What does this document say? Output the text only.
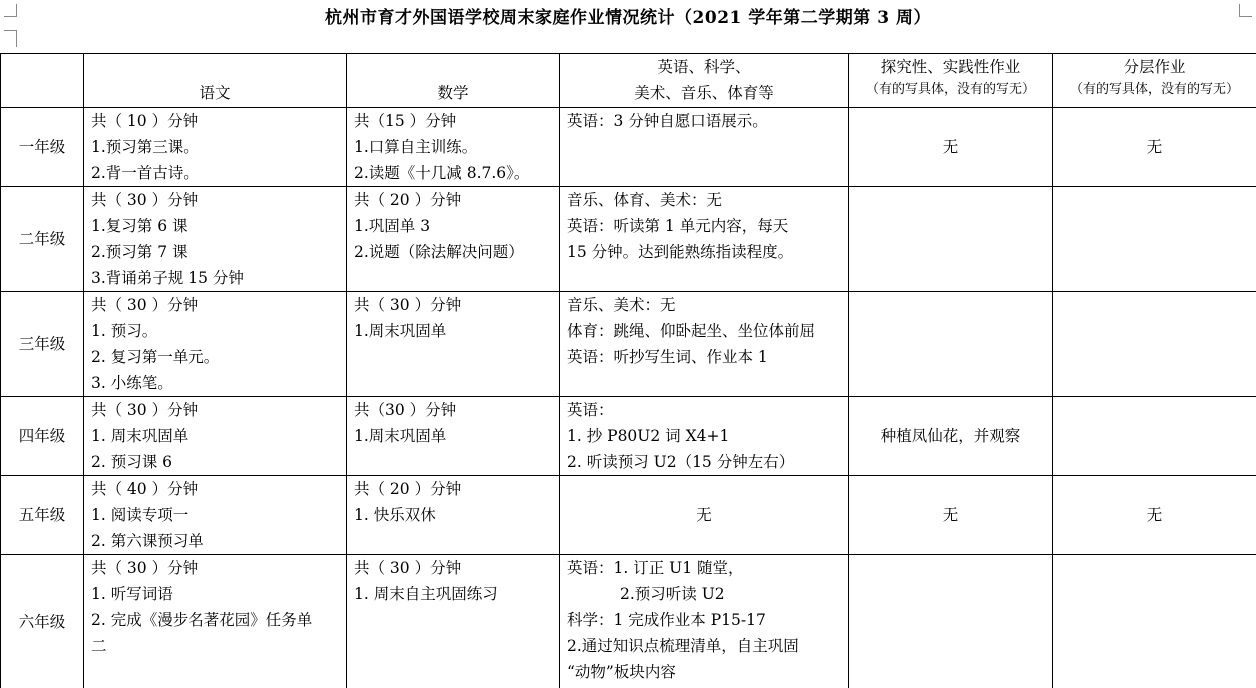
杭州市育才外国语学校周末家庭作业情况统计（2021 学年第二学期第 3 周）
	语文	数学	英语、科学、
美术、音乐、体育等	探究性、实践性作业
（有的写具体，没有的写无）	分层作业
（有的写具体，没有的写无）

一年级	共（ 10 ）分钟
1.预习第三课。
2.背一首古诗。	共（15 ）分钟
1.口算自主训练。
2.读题《十几减 8.7.6》。	英语：3 分钟自愿口语展示。	无	无
二年级	共（ 30 ）分钟
1.复习第 6 课
2.预习第 7 课
3.背诵弟子规 15 分钟	共（ 20 ）分钟
1.巩固单 3
2.说题（除法解决问题）	音乐、体育、美术：无
英语：听读第 1 单元内容，每天
15 分钟。达到能熟练指读程度。		

三年级	共（ 30 ）分钟
1. 预习。
2. 复习第一单元。
3. 小练笔。	共（ 30 ）分钟
1.周末巩固单	音乐、美术：无
体育：跳绳、仰卧起坐、坐位体前屈
英语：听抄写生词、作业本 1		

四年级	共（ 30 ）分钟
1. 周末巩固单
2. 预习课 6	共（30 ）分钟
1.周末巩固单	英语：
1. 抄 P80U2 词 X4+1
2. 听读预习 U2（15 分钟左右）	种植凤仙花，并观察	
五年级	共（ 40 ）分钟
1. 阅读专项一
2. 第六课预习单	共（ 20 ）分钟
1. 快乐双休	无	无	无
六年级	共（ 30 ）分钟
1. 听写词语
2. 完成《漫步名著花园》任务单
二	共（ 30 ）分钟
1. 周末自主巩固练习	英语：1. 订正 U1 随堂，
2.预习听读 U2
科学：1 完成作业本 P15-17
2.通过知识点梳理清单，自主巩固
“动物”板块内容		
